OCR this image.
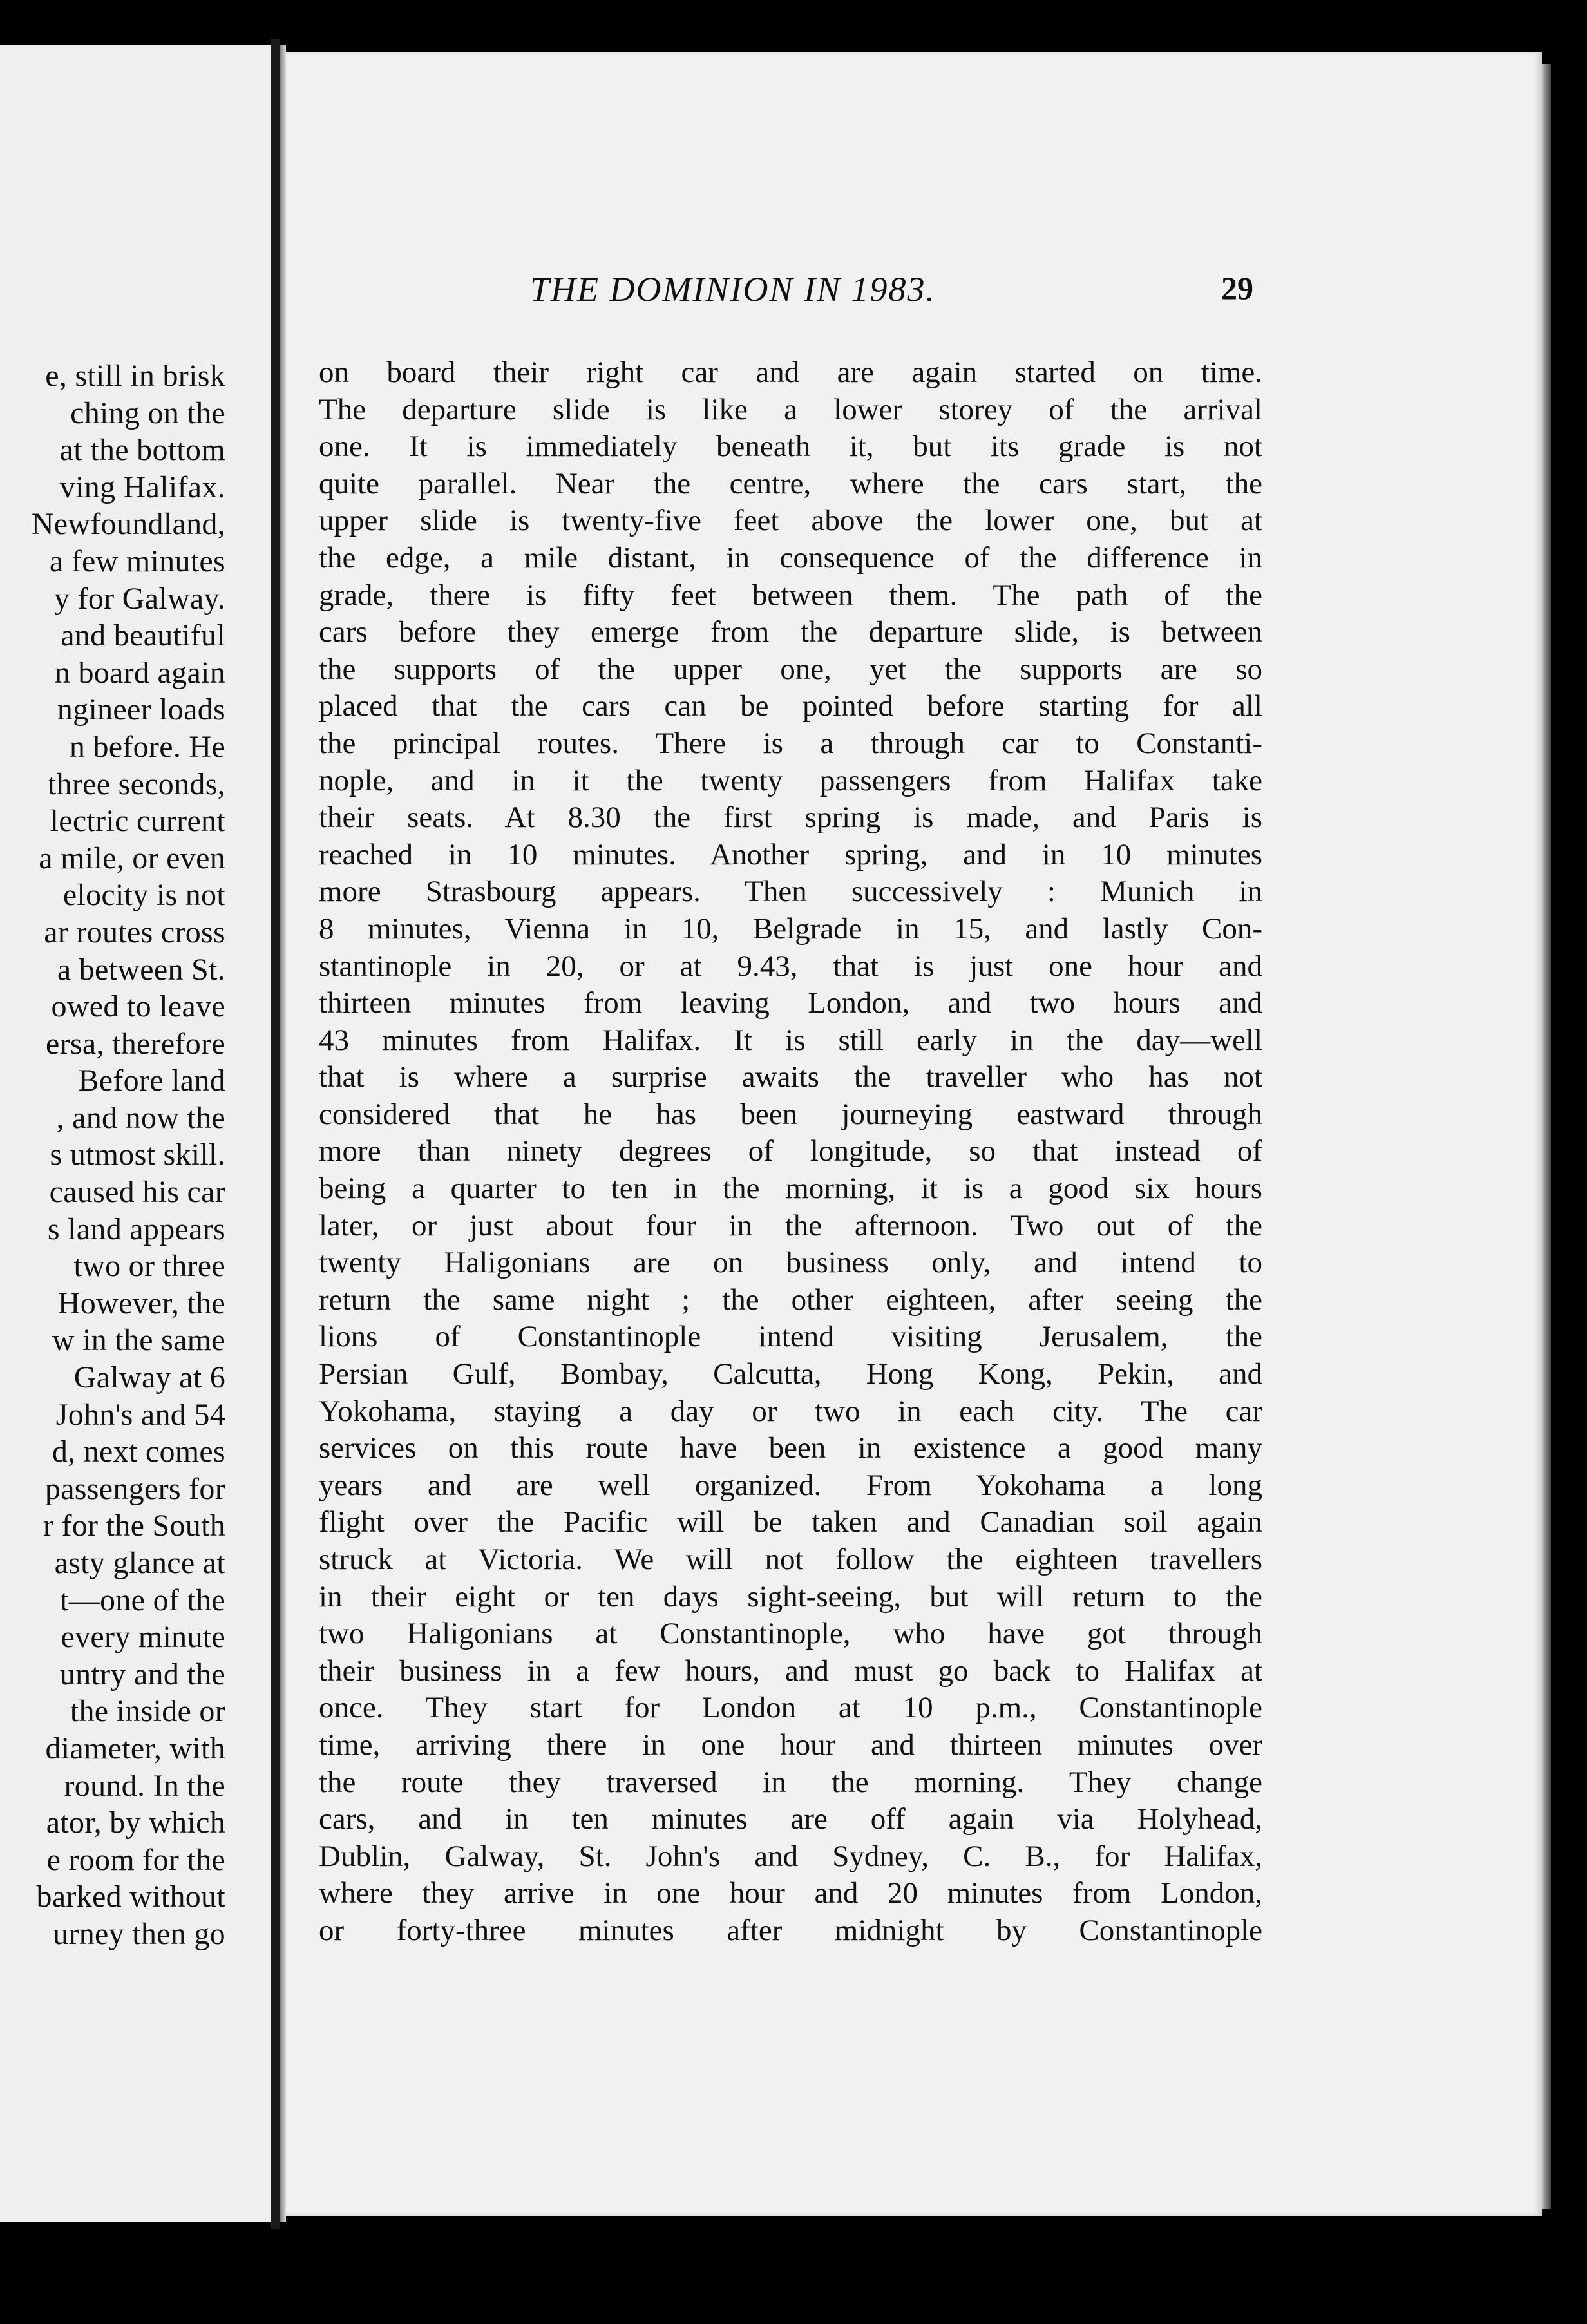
e, still in brisk
ching on the
at the bottom
ving Halifax.
Newfoundland,
a few minutes
y for Galway.
and beautiful
n board again
ngineer loads
n before. He
three seconds,
lectric current
a mile, or even
elocity is not
ar routes cross
a between St.
owed to leave
ersa, therefore
Before land
, and now the
s utmost skill.
caused his car
s land appears
two or three
However, the
w in the same
Galway at 6
John's and 54
d, next comes
passengers for
r for the South
asty glance at
t—one of the
every minute
untry and the
the inside or
diameter, with
round. In the
ator, by which
e room for the
barked without
urney then go
THE DOMINION IN 1983.	29
on board their right car and are again started on time.
The departure slide is like a lower storey of the arrival
one. It is immediately beneath it, but its grade is not
quite parallel. Near the centre, where the cars start, the
upper slide is twenty-five feet above the lower one, but at
the edge, a mile distant, in consequence of the difference in
grade, there is fifty feet between them. The path of the
cars before they emerge from the departure slide, is between
the supports of the upper one, yet the supports are so
placed that the cars can be pointed before starting for all
the principal routes. There is a through car to Constanti-
nople, and in it the twenty passengers from Halifax take
their seats. At 8.30 the first spring is made, and Paris is
reached in 10 minutes. Another spring, and in 10 minutes
more Strasbourg appears. Then successively : Munich in
8 minutes, Vienna in 10, Belgrade in 15, and lastly Con-
stantinople in 20, or at 9.43, that is just one hour and
thirteen minutes from leaving London, and two hours and
43 minutes from Halifax. It is still early in the day—well
that is where a surprise awaits the traveller who has not
considered that he has been journeying eastward through
more than ninety degrees of longitude, so that instead of
being a quarter to ten in the morning, it is a good six hours
later, or just about four in the afternoon. Two out of the
twenty Haligonians are on business only, and intend to
return the same night ; the other eighteen, after seeing the
lions of Constantinople intend visiting Jerusalem, the
Persian Gulf, Bombay, Calcutta, Hong Kong, Pekin, and
Yokohama, staying a day or two in each city. The car
services on this route have been in existence a good many
years and are well organized. From Yokohama a long
flight over the Pacific will be taken and Canadian soil again
struck at Victoria. We will not follow the eighteen travellers
in their eight or ten days sight-seeing, but will return to the
two Haligonians at Constantinople, who have got through
their business in a few hours, and must go back to Halifax at
once. They start for London at 10 p.m., Constantinople
time, arriving there in one hour and thirteen minutes over
the route they traversed in the morning. They change
cars, and in ten minutes are off again via Holyhead,
Dublin, Galway, St. John's and Sydney, C. B., for Halifax,
where they arrive in one hour and 20 minutes from London,
or forty-three minutes after midnight by Constantinople
